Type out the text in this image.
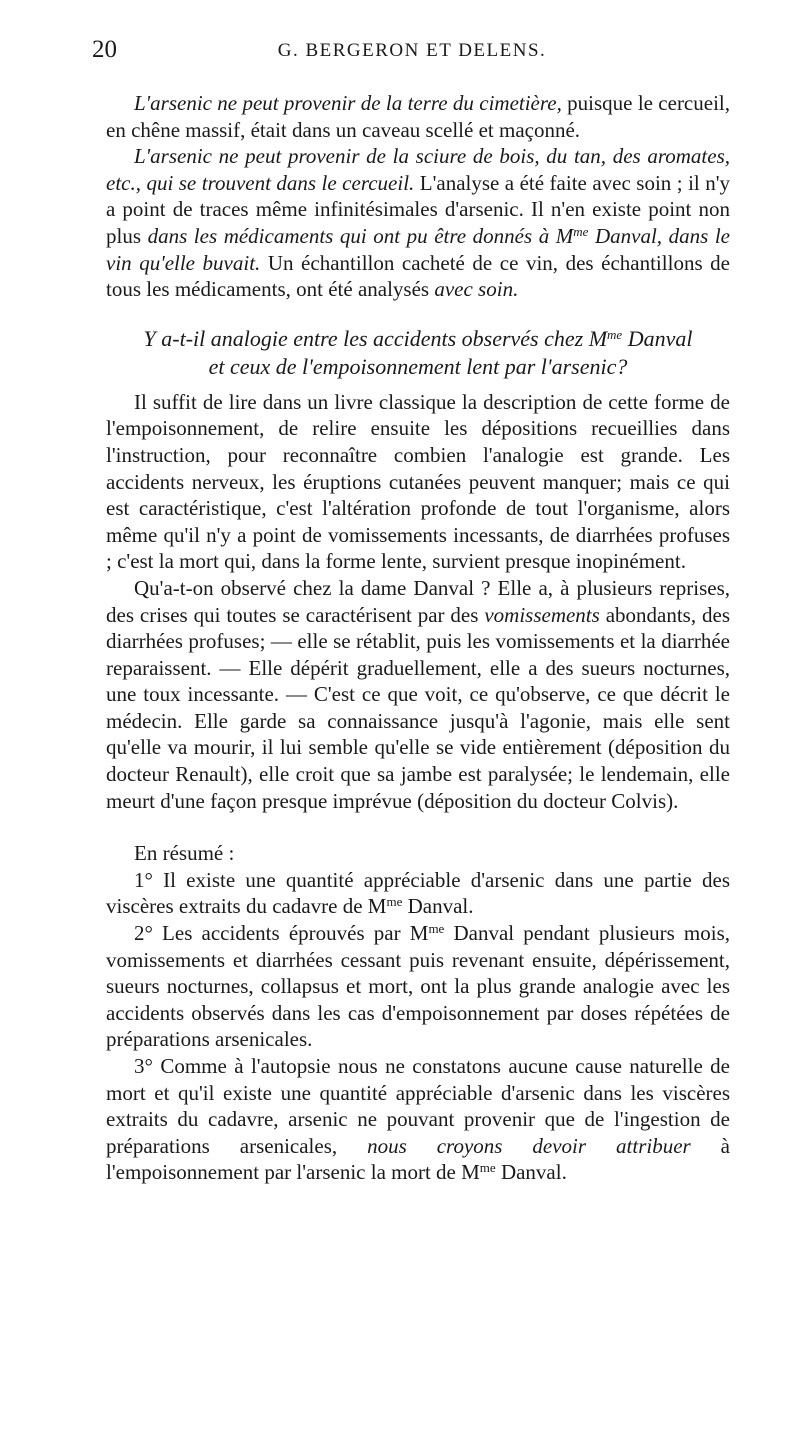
20	G. BERGERON ET DELENS.

L'arsenic ne peut provenir de la terre du cimetière, puisque le cercueil, en chêne massif, était dans un caveau scellé et maçonné.

L'arsenic ne peut provenir de la sciure de bois, du tan, des aromates, etc., qui se trouvent dans le cercueil. L'analyse a été faite avec soin ; il n'y a point de traces même infinitésimales d'arsenic. Il n'en existe point non plus dans les médicaments qui ont pu être donnés à $M^{me}$ Danval, dans le vin qu'elle buvait. Un échantillon cacheté de ce vin, des échantillons de tous les médicaments, ont été analysés avec soin.

Y a-t-il analogie entre les accidents observés chez $M^{me}$ Danval

et ceux de l'empoisonnement lent par l'arsenic?

Il suffit de lire dans un livre classique la description de cette forme de l'empoisonnement, de relire ensuite les dépositions recueillies dans l'instruction, pour reconnaître combien l'analogie est grande. Les accidents nerveux, les éruptions cutanées peuvent manquer; mais ce qui est caractéristique, c'est l'altération profonde de tout l'organisme, alors même qu'il n'y a point de vomissements incessants, de diarrhées profuses ; c'est la mort qui, dans la forme lente, survient presque inopinément.

Qu'a-t-on observé chez la dame Danval ? Elle a, à plusieurs reprises, des crises qui toutes se caractérisent par des vomissements abondants, des diarrhées profuses; — elle se rétablit, puis les vomissements et la diarrhée reparaissent. — Elle dépérit graduellement, elle a des sueurs nocturnes, une toux incessante. — C'est ce que voit, ce qu'observe, ce que décrit le médecin. Elle garde sa connaissance jusqu'à l'agonie, mais elle sent qu'elle va mourir, il lui semble qu'elle se vide entièrement (déposition du docteur Renault), elle croit que sa jambe est paralysée; le lendemain, elle meurt d'une façon presque imprévue (déposition du docteur Colvis).

En résumé :

1° Il existe une quantité appréciable d'arsenic dans une partie des viscères extraits du cadavre de $M^{me}$ Danval.

2° Les accidents éprouvés par $M^{me}$ Danval pendant plusieurs mois, vomissements et diarrhées cessant puis revenant ensuite, dépérissement, sueurs nocturnes, collapsus et mort, ont la plus grande analogie avec les accidents observés dans les cas d'empoisonnement par doses répétées de préparations arsenicales.

3° Comme à l'autopsie nous ne constatons aucune cause naturelle de mort et qu'il existe une quantité appréciable d'arsenic dans les viscères extraits du cadavre, arsenic ne pouvant provenir que de l'ingestion de préparations arsenicales, nous croyons devoir attribuer à l'empoisonnement par l'arsenic la mort de $M^{me}$ Danval.
